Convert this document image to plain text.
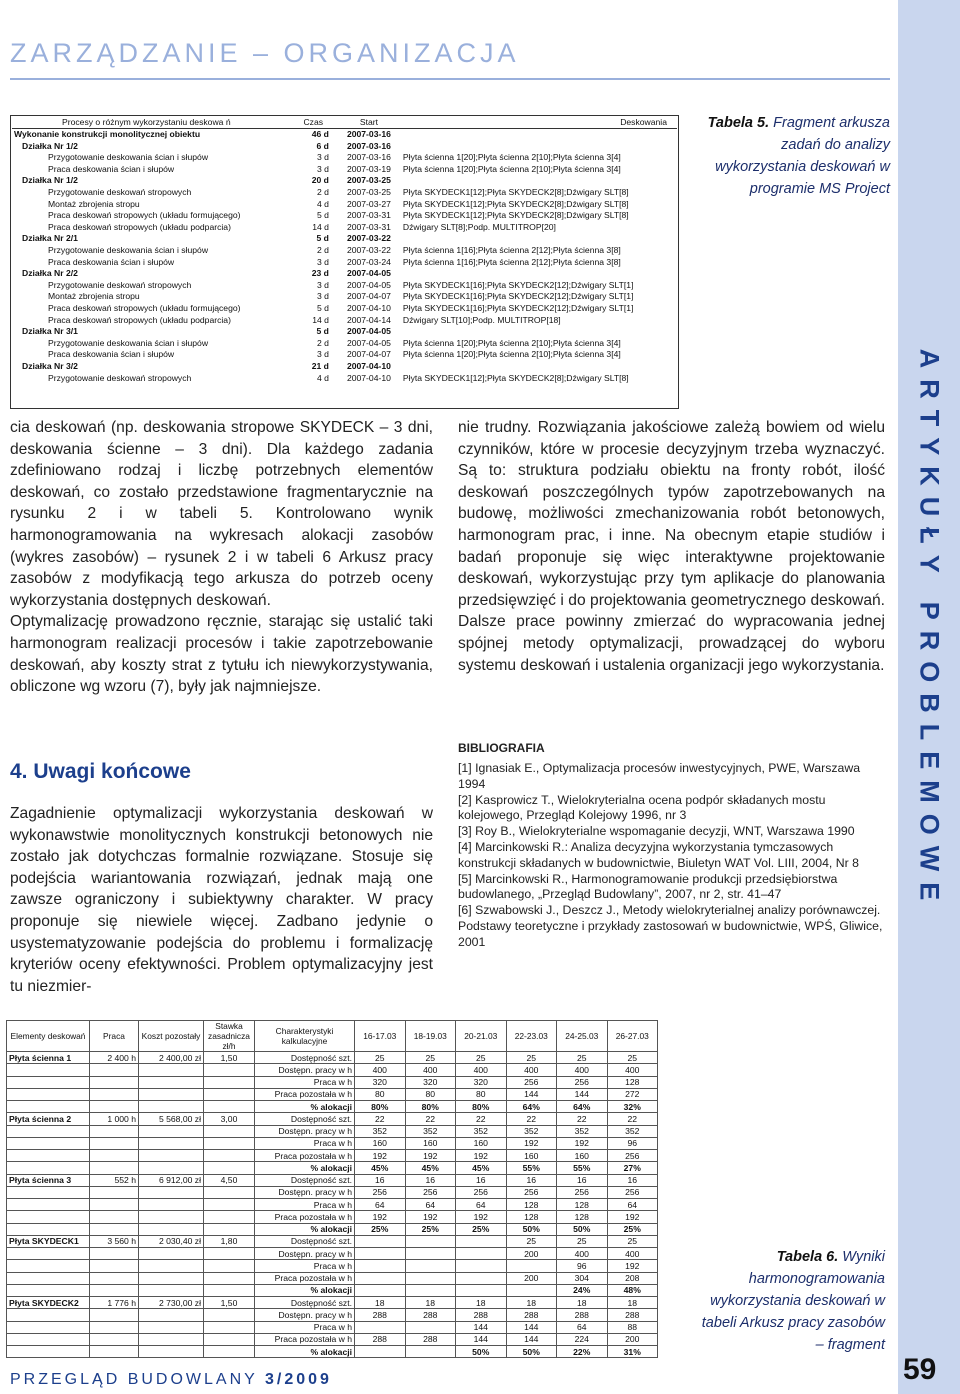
ZARZĄDZANIE – ORGANIZACJA
ARTYKUŁY PROBLEMOWE
Procesy o różnym wykorzystaniu deskowa ń	Czas	Start	Deskowania
Wykonanie konstrukcji monolitycznej obiektu	46 d	2007-03-16	
Działka Nr 1/2	6 d	2007-03-16	
Przygotowanie deskowania ścian i słupów	3 d	2007-03-16	Płyta ścienna 1[20];Płyta ścienna 2[10];Płyta ścienna 3[4]
Praca deskowania ścian i słupów	3 d	2007-03-19	Płyta ścienna 1[20];Płyta ścienna 2[10];Płyta ścienna 3[4]
Działka Nr 1/2	20 d	2007-03-25	
Przygotowanie deskowań stropowych	2 d	2007-03-25	Płyta SKYDECK1[12];Płyta SKYDECK2[8];Dźwigary SLT[8]
Montaż zbrojenia stropu	4 d	2007-03-27	Płyta SKYDECK1[12];Płyta SKYDECK2[8];Dźwigary SLT[8]
Praca deskowań stropowych (układu formującego)	5 d	2007-03-31	Płyta SKYDECK1[12];Płyta SKYDECK2[8];Dźwigary SLT[8]
Praca deskowań stropowych (układu podparcia)	14 d	2007-03-31	Dźwigary SLT[8];Podp. MULTITROP[20]
Działka Nr 2/1	5 d	2007-03-22	
Przygotowanie deskowania ścian i słupów	2 d	2007-03-22	Płyta ścienna 1[16];Płyta ścienna 2[12];Płyta ścienna 3[8]
Praca deskowania ścian i słupów	3 d	2007-03-24	Płyta ścienna 1[16];Płyta ścienna 2[12];Płyta ścienna 3[8]
Działka Nr 2/2	23 d	2007-04-05	
Przygotowanie deskowań stropowych	3 d	2007-04-05	Płyta SKYDECK1[16];Płyta SKYDECK2[12];Dźwigary SLT[1]
Montaż zbrojenia stropu	3 d	2007-04-07	Płyta SKYDECK1[16];Płyta SKYDECK2[12];Dźwigary SLT[1]
Praca deskowań stropowych (układu formującego)	5 d	2007-04-10	Płyta SKYDECK1[16];Płyta SKYDECK2[12];Dźwigary SLT[1]
Praca deskowań stropowych (układu podparcia)	14 d	2007-04-14	Dźwigary SLT[10];Podp. MULTITROP[18]
Działka Nr 3/1	5 d	2007-04-05	
Przygotowanie deskowania ścian i słupów	2 d	2007-04-05	Płyta ścienna 1[20];Płyta ścienna 2[10];Płyta ścienna 3[4]
Praca deskowania ścian i słupów	3 d	2007-04-07	Płyta ścienna 1[20];Płyta ścienna 2[10];Płyta ścienna 3[4]
Działka Nr 3/2	21 d	2007-04-10	
Przygotowanie deskowań stropowych	4 d	2007-04-10	Płyta SKYDECK1[12];Płyta SKYDECK2[8];Dźwigary SLT[8]
Tabela 5. Fragment arkusza zadań do analizy wykorzystania deskowań w programie MS Project

cia deskowań (np. deskowania stropowe SKYDECK – 3 dni, deskowania ścienne – 3 dni). Dla każdego zadania zdefiniowano rodzaj i liczbę potrzebnych elementów deskowań, co zostało przedstawione fragmentarycznie na rysunku 2 i w tabeli 5. Kontrolowano wynik harmonogramowania na wykresach alokacji zasobów (wykres zasobów) – rysunek 2 i w tabeli 6 Arkusz pracy zasobów z modyfikacją tego arkusza do potrzeb oceny wykorzystania dostępnych deskowań.

Optymalizację prowadzono ręcznie, starając się ustalić taki harmonogram realizacji procesów i takie zapotrzebowanie deskowań, aby koszty strat z tytułu ich niewykorzystywania, obliczone wg wzoru (7), były jak najmniejsze.

4. Uwagi końcowe

Zagadnienie optymalizacji wykorzystania deskowań w wykonawstwie monolitycznych konstrukcji betonowych nie zostało jak dotychczas formalnie rozwiązane. Stosuje się podejścia wariantowania rozwiązań, jednak mają one zawsze ograniczony i subiektywny charakter. W pracy proponuje się niewiele więcej. Zadbano jedynie o usystematyzowanie podejścia do problemu i formalizację kryteriów oceny efektywności. Problem optymalizacyjny jest tu niezmier-

nie trudny. Rozwiązania jakościowe zależą bowiem od wielu czynników, które w procesie decyzyjnym trzeba wyznaczyć. Są to: struktura podziału obiektu na fronty robót, ilość deskowań poszczególnych typów zapotrzebowanych na budowę, możliwości zmechanizowania robót betonowych, harmonogram prac, i inne. Na obecnym etapie studiów i badań proponuje się więc interaktywne projektowanie deskowań, wykorzystując przy tym aplikacje do planowania przedsięwzięć i do projektowania geometrycznego deskowań. Dalsze prace powinny zmierzać do wypracowania jednej spójnej metody optymalizacji, prowadzącej do wyboru systemu deskowań i ustalenia organizacji jego wykorzystania.

BIBLIOGRAFIA
[1] Ignasiak E., Optymalizacja procesów inwestycyjnych, PWE, Warszawa 1994
[2] Kasprowicz T., Wielokryterialna ocena podpór składanych mostu kolejowego, Przegląd Kolejowy 1996, nr 3
[3] Roy B., Wielokryterialne wspomaganie decyzji, WNT, Warszawa 1990
[4] Marcinkowski R.: Analiza decyzyjna wykorzystania tymczasowych konstrukcji składanych w budownictwie, Biuletyn WAT Vol. LIII, 2004, Nr 8
[5] Marcinkowski R., Harmonogramowanie produkcji przedsiębiorstwa budowlanego, „Przegląd Budowlany”, 2007, nr 2, str. 41–47
[6] Szwabowski J., Deszcz J., Metody wielokryterialnej analizy porównawczej. Podstawy teoretyczne i przykłady zastosowań w budownictwie, WPŚ, Gliwice, 2001
Elementy deskowań	Praca	Koszt pozostały	Stawka zasadnicza zł/h	Charakterystyki kalkulacyjne	16-17.03	18-19.03	20-21.03	22-23.03	24-25.03	26-27.03
Płyta ścienna 1	2 400 h	2 400,00 zł	1,50	Dostępność szt.	25	25	25	25	25	25
				Dostępn. pracy w h	400	400	400	400	400	400
				Praca w h	320	320	320	256	256	128
				Praca pozostała w h	80	80	80	144	144	272
				% alokacji	80%	80%	80%	64%	64%	32%
Płyta ścienna 2	1 000 h	5 568,00 zł	3,00	Dostępność szt.	22	22	22	22	22	22
				Dostępn. pracy w h	352	352	352	352	352	352
				Praca w h	160	160	160	192	192	96
				Praca pozostała w h	192	192	192	160	160	256
				% alokacji	45%	45%	45%	55%	55%	27%
Płyta ścienna 3	552 h	6 912,00 zł	4,50	Dostępność szt.	16	16	16	16	16	16
				Dostępn. pracy w h	256	256	256	256	256	256
				Praca w h	64	64	64	128	128	64
				Praca pozostała w h	192	192	192	128	128	192
				% alokacji	25%	25%	25%	50%	50%	25%
Płyta SKYDECK1	3 560 h	2 030,40 zł	1,80	Dostępność szt.				25	25	25
				Dostępn. pracy w h				200	400	400
				Praca w h					96	192
				Praca pozostała w h				200	304	208
				% alokacji					24%	48%
Płyta SKYDECK2	1 776 h	2 730,00 zł	1,50	Dostępność szt.	18	18	18	18	18	18
				Dostępn. pracy w h	288	288	288	288	288	288
				Praca w h			144	144	64	88
				Praca pozostała w h	288	288	144	144	224	200
				% alokacji			50%	50%	22%	31%
Tabela 6. Wyniki harmonogramowania wykorzystania deskowań w tabeli Arkusz pracy zasobów – fragment
PRZEGLĄD BUDOWLANY 3/2009	59
